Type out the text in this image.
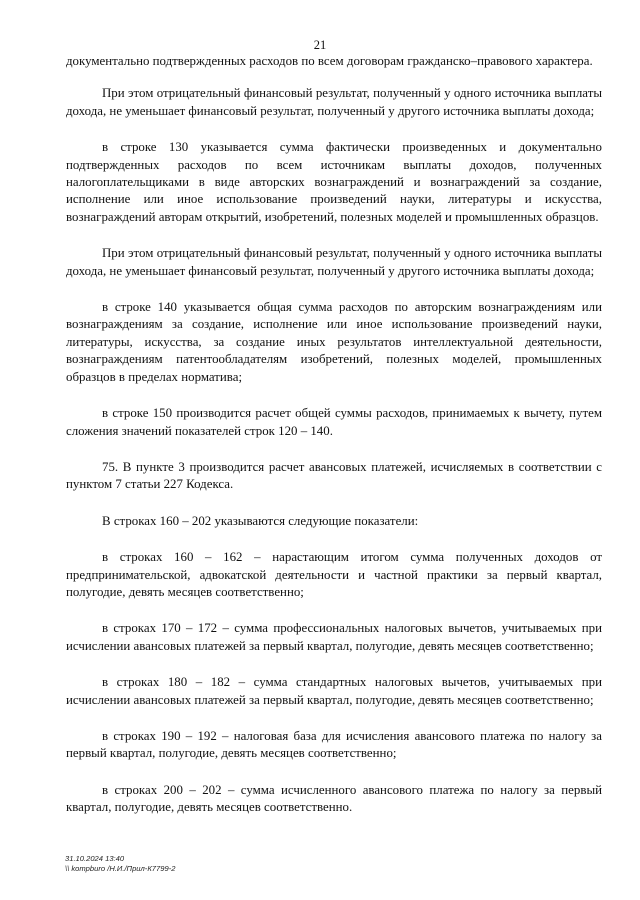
21

документально подтвержденных расходов по всем договорам гражданско–правового характера.

При этом отрицательный финансовый результат, полученный у одного источника выплаты дохода, не уменьшает финансовый результат, полученный у другого источника выплаты дохода;

в строке 130 указывается сумма фактически произведенных и документально подтвержденных расходов по всем источникам выплаты доходов, полученных налогоплательщиками в виде авторских вознаграждений и вознаграждений за создание, исполнение или иное использование произведений науки, литературы и искусства, вознаграждений авторам открытий, изобретений, полезных моделей и промышленных образцов.

При этом отрицательный финансовый результат, полученный у одного источника выплаты дохода, не уменьшает финансовый результат, полученный у другого источника выплаты дохода;

в строке 140 указывается общая сумма расходов по авторским вознаграждениям или вознаграждениям за создание, исполнение или иное использование произведений науки, литературы, искусства, за создание иных результатов интеллектуальной деятельности, вознаграждениям патентообладателям изобретений, полезных моделей, промышленных образцов в пределах норматива;

в строке 150 производится расчет общей суммы расходов, принимаемых к вычету, путем сложения значений показателей строк 120 – 140.

75. В пункте 3 производится расчет авансовых платежей, исчисляемых в соответствии с пунктом 7 статьи 227 Кодекса.

В строках 160 – 202 указываются следующие показатели:

в строках 160 – 162 – нарастающим итогом сумма полученных доходов от предпринимательской, адвокатской деятельности и частной практики за первый квартал, полугодие, девять месяцев соответственно;

в строках 170 – 172 – сумма профессиональных налоговых вычетов, учитываемых при исчислении авансовых платежей за первый квартал, полугодие, девять месяцев соответственно;

в строках 180 – 182 – сумма стандартных налоговых вычетов, учитываемых при исчислении авансовых платежей за первый квартал, полугодие, девять месяцев соответственно;

в строках 190 – 192 – налоговая база для исчисления авансового платежа по налогу за первый квартал, полугодие, девять месяцев соответственно;

в строках 200 – 202 – сумма исчисленного авансового платежа по налогу за первый квартал, полугодие, девять месяцев соответственно.

31.10.2024 13:40
\\ kompburo /Н.И./Прил-К7799-2
